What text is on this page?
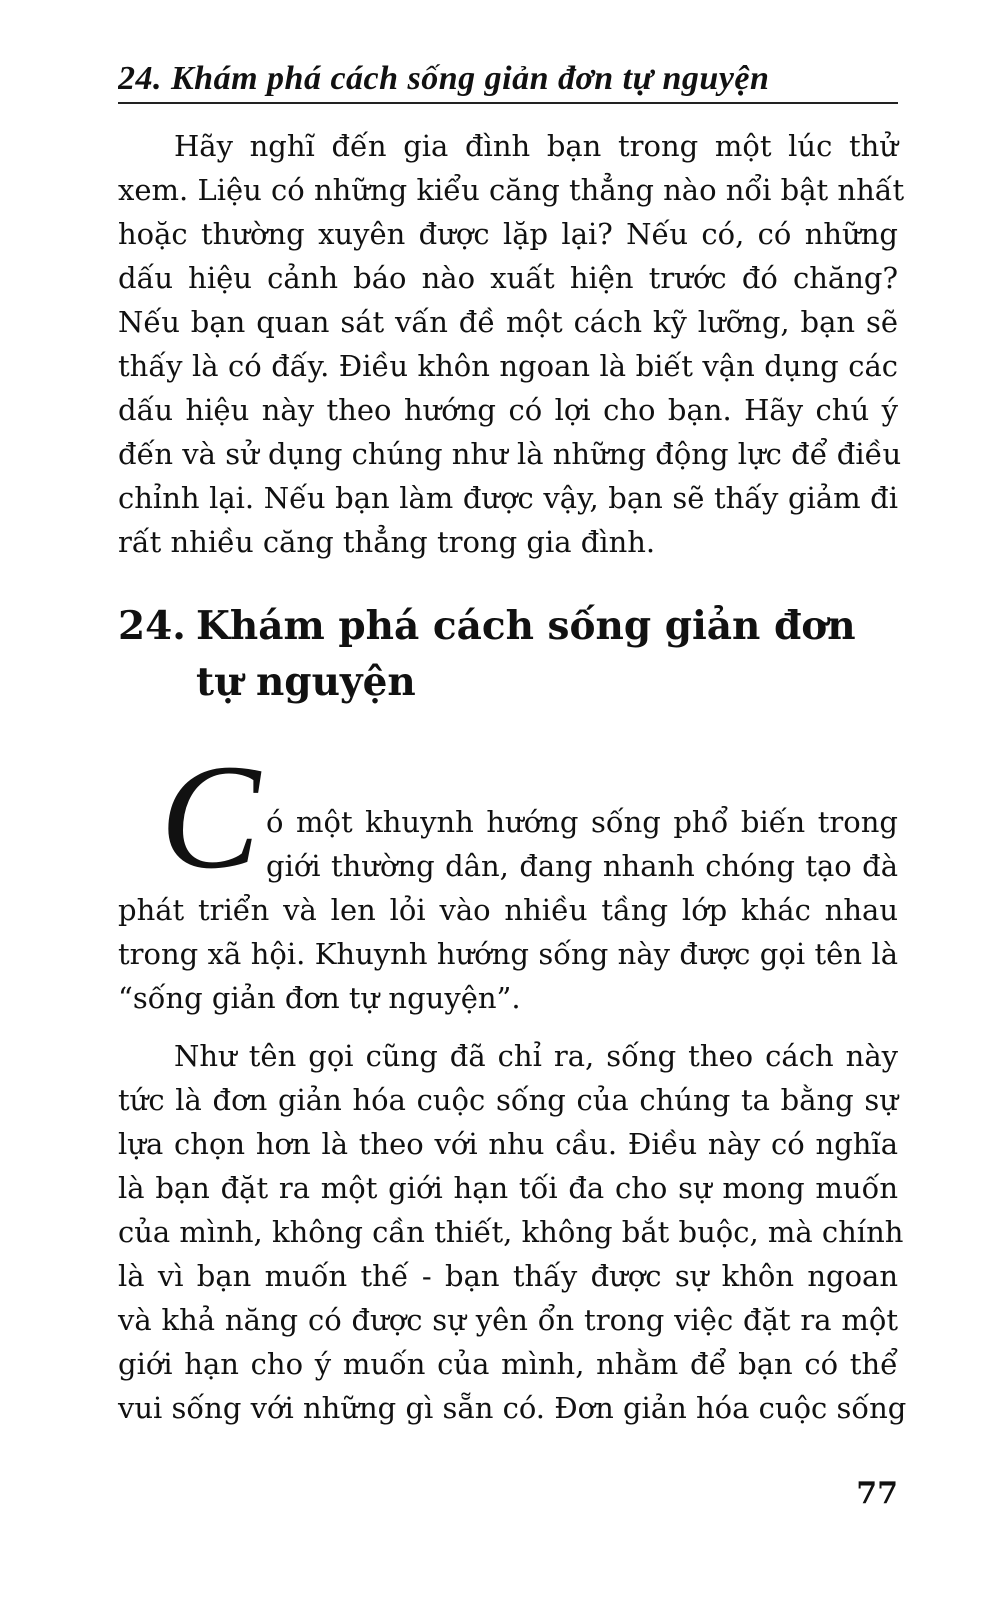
24. Khám phá cách sống giản đơn tự nguyện
Hãy nghĩ đến gia đình bạn trong một lúc thử
xem. Liệu có những kiểu căng thẳng nào nổi bật nhất
hoặc thường xuyên được lặp lại? Nếu có, có những
dấu hiệu cảnh báo nào xuất hiện trước đó chăng?
Nếu bạn quan sát vấn đề một cách kỹ lưỡng, bạn sẽ
thấy là có đấy. Điều khôn ngoan là biết vận dụng các
dấu hiệu này theo hướng có lợi cho bạn. Hãy chú ý
đến và sử dụng chúng như là những động lực để điều
chỉnh lại. Nếu bạn làm được vậy, bạn sẽ thấy giảm đi
rất nhiều căng thẳng trong gia đình.
24. Khám phá cách sống giản đơn
tự nguyện
C ó một khuynh hướng sống phổ biến trong
giới thường dân, đang nhanh chóng tạo đà
phát triển và len lỏi vào nhiều tầng lớp khác nhau
trong xã hội. Khuynh hướng sống này được gọi tên là
“sống giản đơn tự nguyện”.
Như tên gọi cũng đã chỉ ra, sống theo cách này
tức là đơn giản hóa cuộc sống của chúng ta bằng sự
lựa chọn hơn là theo với nhu cầu. Điều này có nghĩa
là bạn đặt ra một giới hạn tối đa cho sự mong muốn
của mình, không cần thiết, không bắt buộc, mà chính
là vì bạn muốn thế - bạn thấy được sự khôn ngoan
và khả năng có được sự yên ổn trong việc đặt ra một
giới hạn cho ý muốn của mình, nhằm để bạn có thể
vui sống với những gì sẵn có. Đơn giản hóa cuộc sống
77
